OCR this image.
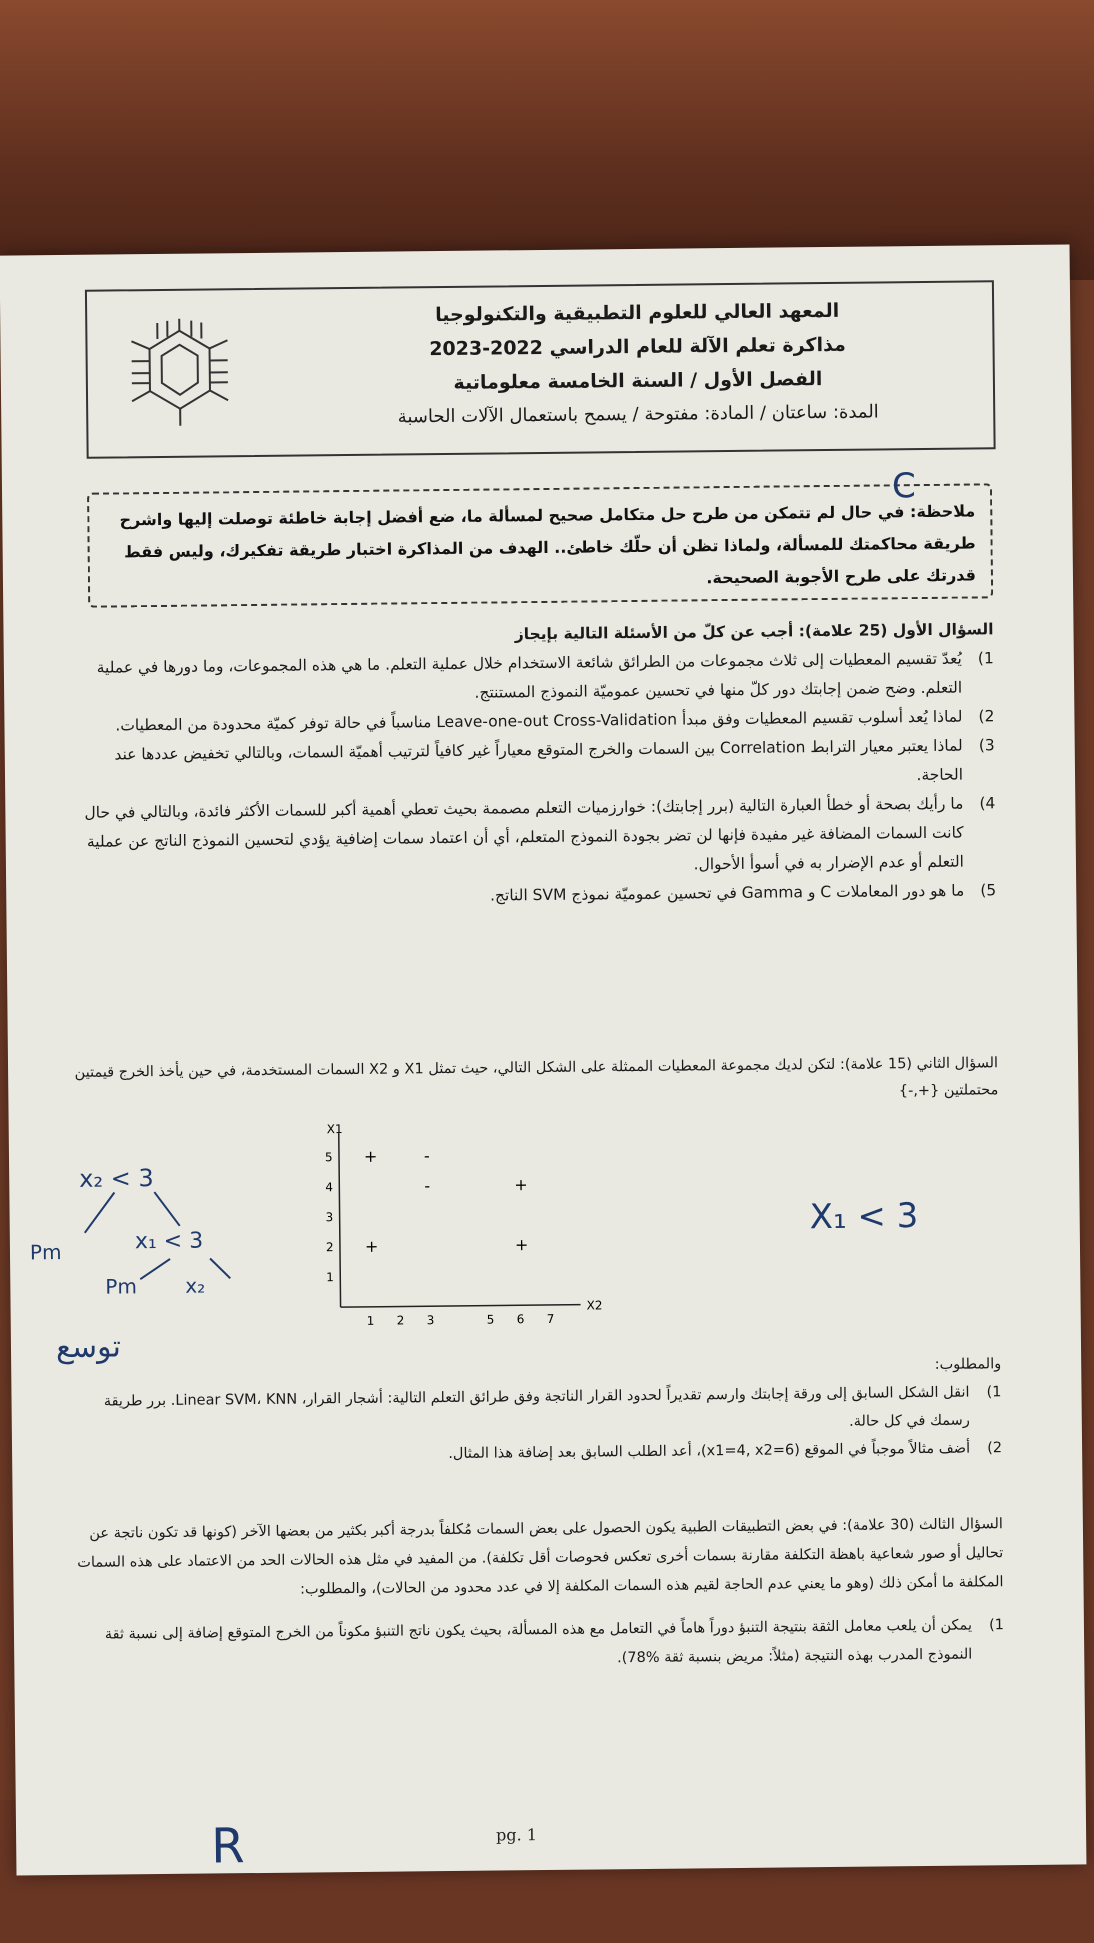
المعهد العالي للعلوم التطبيقية والتكنولوجيا
مذاكرة تعلم الآلة للعام الدراسي 2022-2023
الفصل الأول / السنة الخامسة معلوماتية
المدة: ساعتان / المادة: مفتوحة / يسمح باستعمال الآلات الحاسبة
ملاحظة: في حال لم تتمكن من طرح حل متكامل صحيح لمسألة ما، ضع أفضل إجابة خاطئة توصلت إليها واشرح طريقة محاكمتك للمسألة، ولماذا تظن أن حلّك خاطئ.. الهدف من المذاكرة اختبار طريقة تفكيرك، وليس فقط قدرتك على طرح الأجوبة الصحيحة.
السؤال الأول (25 علامة): أجب عن كلّ من الأسئلة التالية بإيجاز
1)
يُعدّ تقسيم المعطيات إلى ثلاث مجموعات من الطرائق شائعة الاستخدام خلال عملية التعلم. ما هي هذه المجموعات، وما دورها في عملية التعلم. وضح ضمن إجابتك دور كلّ منها في تحسين عموميّة النموذج المستنتج.
2)
لماذا يُعد أسلوب تقسيم المعطيات وفق مبدأ Leave-one-out Cross-Validation مناسباً في حالة توفر كميّة محدودة من المعطيات.
3)
لماذا يعتبر معيار الترابط Correlation بين السمات والخرج المتوقع معياراً غير كافياً لترتيب أهميّة السمات، وبالتالي تخفيض عددها عند الحاجة.
4)
ما رأيك بصحة أو خطأ العبارة التالية (برر إجابتك): خوارزميات التعلم مصممة بحيث تعطي أهمية أكبر للسمات الأكثر فائدة، وبالتالي في حال كانت السمات المضافة غير مفيدة فإنها لن تضر بجودة النموذج المتعلم، أي أن اعتماد سمات إضافية يؤدي لتحسين النموذج الناتج عن عملية التعلم أو عدم الإضرار به في أسوأ الأحوال.
5)
ما هو دور المعاملات C و Gamma في تحسين عموميّة نموذج SVM الناتج.
السؤال الثاني (15 علامة): لتكن لديك مجموعة المعطيات الممثلة على الشكل التالي، حيث تمثل X1 و X2 السمات المستخدمة، في حين يأخذ الخرج قيمتين محتملتين {+,-}
X2
X1
1 2 3	5 6 7
1
2
3
4
5 +	-
-	+
+	+
والمطلوب:
1)
انقل الشكل السابق إلى ورقة إجابتك وارسم تقديراً لحدود القرار الناتجة وفق طرائق التعلم التالية: أشجار القرار، Linear SVM، KNN. برر طريقة رسمك في كل حالة.
2)
أضف مثالاً موجباً في الموقع (x1=4, x2=6)، أعد الطلب السابق بعد إضافة هذا المثال.
السؤال الثالث (30 علامة): في بعض التطبيقات الطبية يكون الحصول على بعض السمات مُكلفاً بدرجة أكبر بكثير من بعضها الآخر (كونها قد تكون ناتجة عن تحاليل أو صور شعاعية باهظة التكلفة مقارنة بسمات أخرى تعكس فحوصات أقل تكلفة). من المفيد في مثل هذه الحالات الحد من الاعتماد على هذه السمات المكلفة ما أمكن ذلك (وهو ما يعني عدم الحاجة لقيم هذه السمات المكلفة إلا في عدد محدود من الحالات)، والمطلوب:
1)
يمكن أن يلعب معامل الثقة بنتيجة التنبؤ دوراً هاماً في التعامل مع هذه المسألة، بحيث يكون ناتج التنبؤ مكوناً من الخرج المتوقع إضافة إلى نسبة ثقة النموذج المدرب بهذه النتيجة (مثلاً: مريض بنسبة ثقة %78).
C
x₂ < 3
x₁ < 3
Pm
Pm x₂
X₁ < 3
توسع
R	pg. 1
